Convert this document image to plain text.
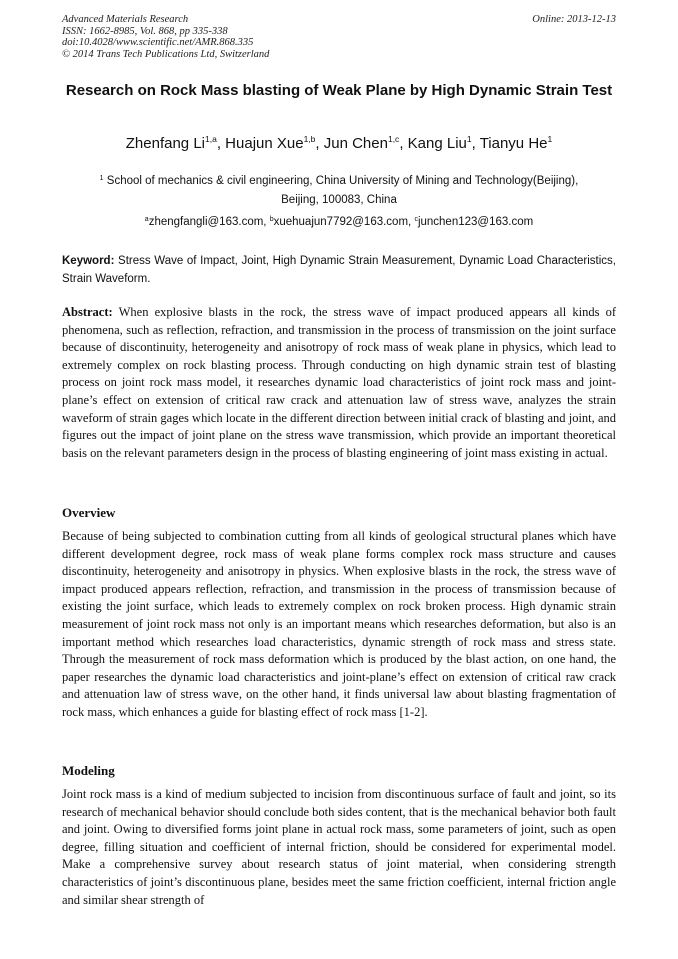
Advanced Materials Research
ISSN: 1662-8985, Vol. 868, pp 335-338
doi:10.4028/www.scientific.net/AMR.868.335
© 2014 Trans Tech Publications Ltd, Switzerland
Online: 2013-12-13
Research on Rock Mass blasting of Weak Plane by High Dynamic Strain Test
Zhenfang Li$^{1,a}$, Huajun Xue$^{1,b}$, Jun Chen$^{1,c}$, Kang Liu$^1$, Tianyu He$^1$
$^1$ School of mechanics & civil engineering, China University of Mining and Technology(Beijing),
Beijing, 100083, China
$^a$zhengfangli@163.com, $^b$xuehuajun7792@163.com, $^c$junchen123@163.com
Keyword: Stress Wave of Impact, Joint, High Dynamic Strain Measurement, Dynamic Load Characteristics, Strain Waveform.
Abstract: When explosive blasts in the rock, the stress wave of impact produced appears all kinds of phenomena, such as reflection, refraction, and transmission in the process of transmission on the joint surface because of discontinuity, heterogeneity and anisotropy of rock mass of weak plane in physics, which lead to extremely complex on rock blasting process. Through conducting on high dynamic strain test of blasting process on joint rock mass model, it researches dynamic load characteristics of joint rock mass and joint-plane’s effect on extension of critical raw crack and attenuation law of stress wave, analyzes the strain waveform of strain gages which locate in the different direction between initial crack of blasting and joint, and figures out the impact of joint plane on the stress wave transmission, which provide an important theoretical basis on the relevant parameters design in the process of blasting engineering of joint mass existing in actual.
Overview
Because of being subjected to combination cutting from all kinds of geological structural planes which have different development degree, rock mass of weak plane forms complex rock mass structure and causes discontinuity, heterogeneity and anisotropy in physics. When explosive blasts in the rock, the stress wave of impact produced appears reflection, refraction, and transmission in the process of transmission because of existing the joint surface, which leads to extremely complex on rock broken process. High dynamic strain measurement of joint rock mass not only is an important means which researches deformation, but also is an important method which researches load characteristics, dynamic strength of rock mass and stress state. Through the measurement of rock mass deformation which is produced by the blast action, on one hand, the paper researches the dynamic load characteristics and joint-plane’s effect on extension of critical raw crack and attenuation law of stress wave, on the other hand, it finds universal law about blasting fragmentation of rock mass, which enhances a guide for blasting effect of rock mass [1-2].
Modeling
Joint rock mass is a kind of medium subjected to incision from discontinuous surface of fault and joint, so its research of mechanical behavior should conclude both sides content, that is the mechanical behavior both fault and joint. Owing to diversified forms joint plane in actual rock mass, some parameters of joint, such as open degree, filling situation and coefficient of internal friction, should be considered for experimental model. Make a comprehensive survey about research status of joint material, when considering strength characteristics of joint’s discontinuous plane, besides meet the same friction coefficient, internal friction angle and similar shear strength of
